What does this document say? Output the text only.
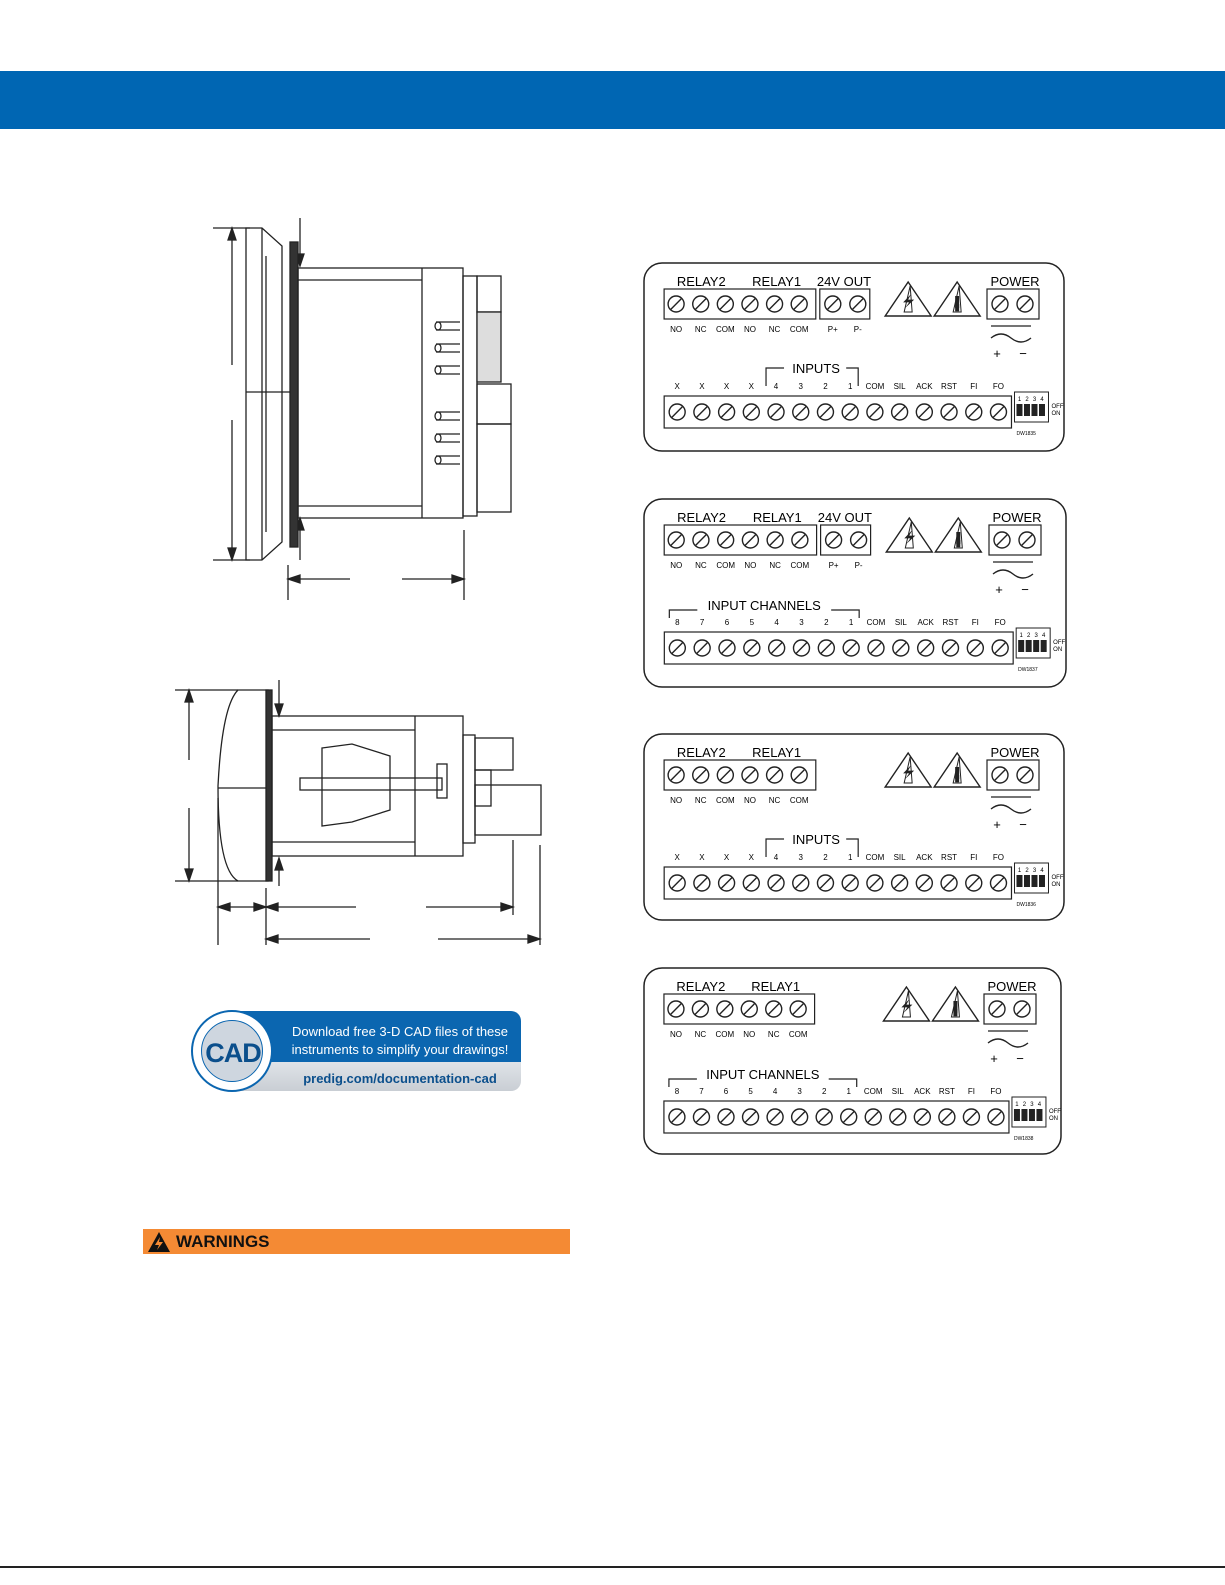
Download free 3-D CAD files of these
instruments to simplify your drawings!
predig.com/documentation-cad
CAD
WARNINGS
RELAY2 RELAY1 24V OUT	POWER
NO NC COM NO NC COM P+ P-
+ −
INPUTS
X X X X 4	3	2	1 COM SIL ACK RST FI FO
1 2 3 4
OFF
ON
DW1835
RELAY2 RELAY1 24V OUT	POWER
NO NC COM NO NC COM P+ P-
+ −
INPUT CHANNELS
8	7	6	5	4	3	2	1 COM SIL ACK RST FI FO
1 2 3 4
OFF
ON
DW1837
RELAY2 RELAY1	POWER
NO NC COM NO NC COM
+ −
INPUTS
X X X X 4	3	2	1 COM SIL ACK RST FI FO
1 2 3 4
OFF
ON
DW1836
RELAY2 RELAY1	POWER
NO NC COM NO NC COM
+ −
INPUT CHANNELS
8	7	6	5	4	3	2	1 COM SIL ACK RST FI FO
1 2 3 4
OFF
ON
DW1838
